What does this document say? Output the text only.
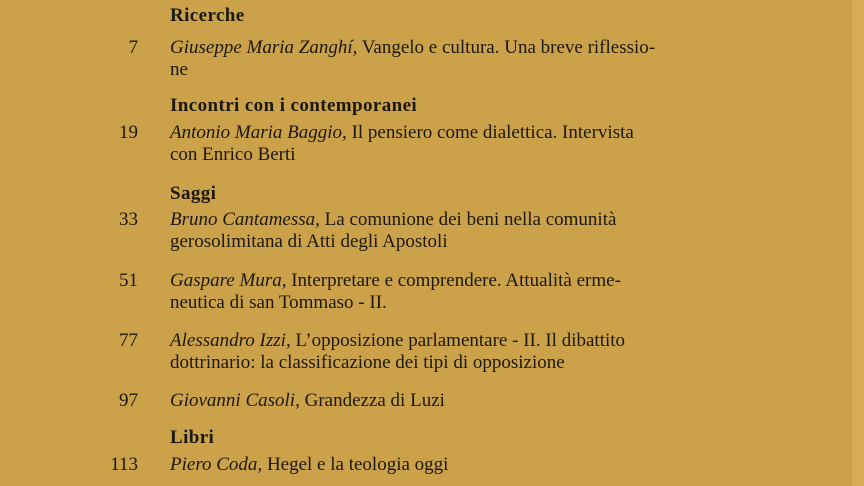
Ricerche
7 Giuseppe Maria Zanghí, Vangelo e cultura. Una breve riflessio-
ne
Incontri con i contemporanei
19 Antonio Maria Baggio, Il pensiero come dialettica. Intervista
con Enrico Berti
Saggi
33 Bruno Cantamessa, La comunione dei beni nella comunità
gerosolimitana di Atti degli Apostoli
51 Gaspare Mura, Interpretare e comprendere. Attualità erme-
neutica di san Tommaso - II.
77 Alessandro Izzi, L’opposizione parlamentare - II. Il dibattito
dottrinario: la classificazione dei tipi di opposizione
97 Giovanni Casoli, Grandezza di Luzi
Libri
113 Piero Coda, Hegel e la teologia oggi
